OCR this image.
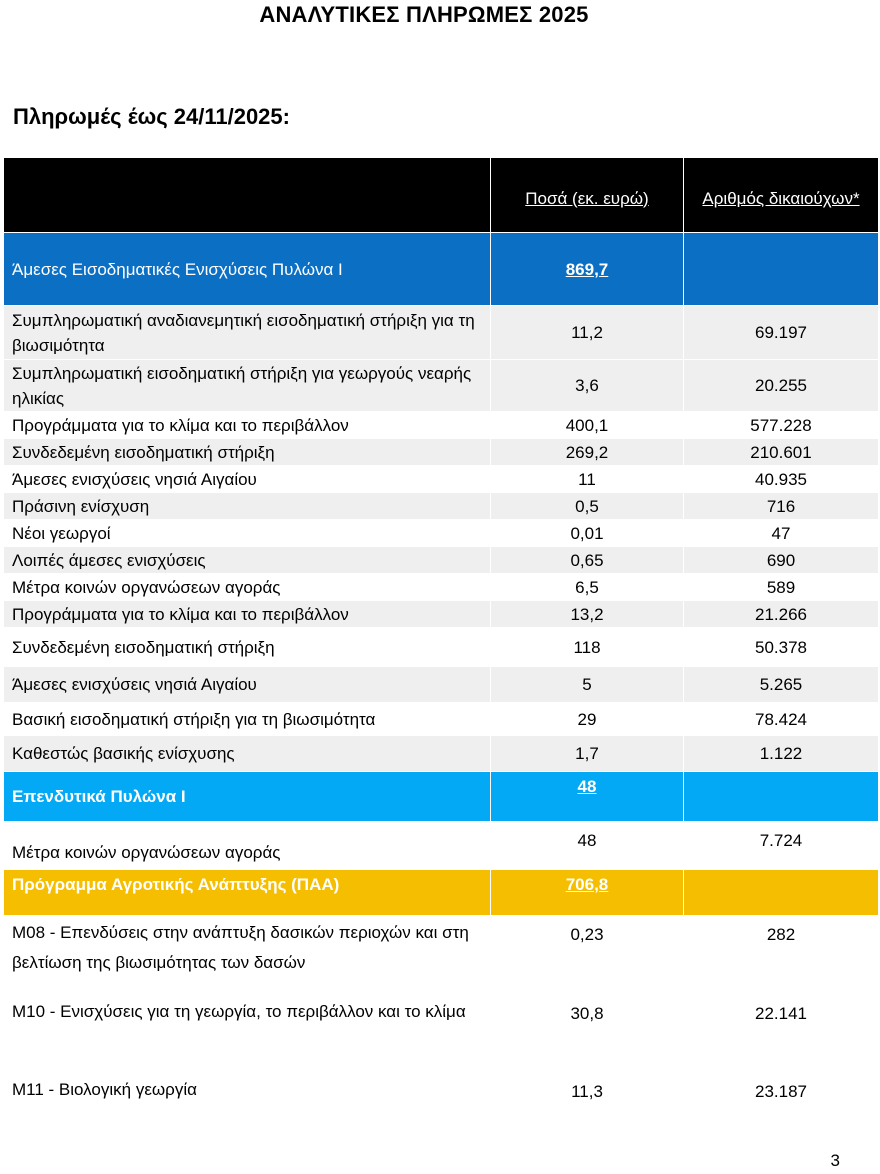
ΑΝΑΛΥΤΙΚΕΣ ΠΛΗΡΩΜΕΣ 2025
Πληρωμές έως 24/11/2025:
	Ποσά (εκ. ευρώ)	Αριθμός δικαιούχων*
Άμεσες Εισοδηματικές Ενισχύσεις Πυλώνα Ι	869,7	
Συμπληρωματική αναδιανεμητική εισοδηματική στήριξη για τη βιωσιμότητα	11,2	69.197
Συμπληρωματική εισοδηματική στήριξη για γεωργούς νεαρής ηλικίας	3,6	20.255
Προγράμματα για το κλίμα και το περιβάλλον	400,1	577.228
Συνδεδεμένη εισοδηματική στήριξη	269,2	210.601
Άμεσες ενισχύσεις νησιά Αιγαίου	11	40.935
Πράσινη ενίσχυση	0,5	716
Νέοι γεωργοί	0,01	47
Λοιπές άμεσες ενισχύσεις	0,65	690
Μέτρα κοινών οργανώσεων αγοράς	6,5	589
Προγράμματα για το κλίμα και το περιβάλλον	13,2	21.266
Συνδεδεμένη εισοδηματική στήριξη	118	50.378
Άμεσες ενισχύσεις νησιά Αιγαίου	5	5.265
Βασική εισοδηματική στήριξη για τη βιωσιμότητα	29	78.424
Καθεστώς βασικής ενίσχυσης	1,7	1.122
Επενδυτικά Πυλώνα Ι	48	
Μέτρα κοινών οργανώσεων αγοράς	48	7.724
Πρόγραμμα Αγροτικής Ανάπτυξης (ΠΑΑ)	706,8	
Μ08 - Επενδύσεις στην ανάπτυξη δασικών περιοχών και στη βελτίωση της βιωσιμότητας των δασών	0,23	282
Μ10 - Ενισχύσεις για τη γεωργία, το περιβάλλον και το κλίμα	30,8	22.141
Μ11 - Βιολογική γεωργία	11,3	23.187
3
